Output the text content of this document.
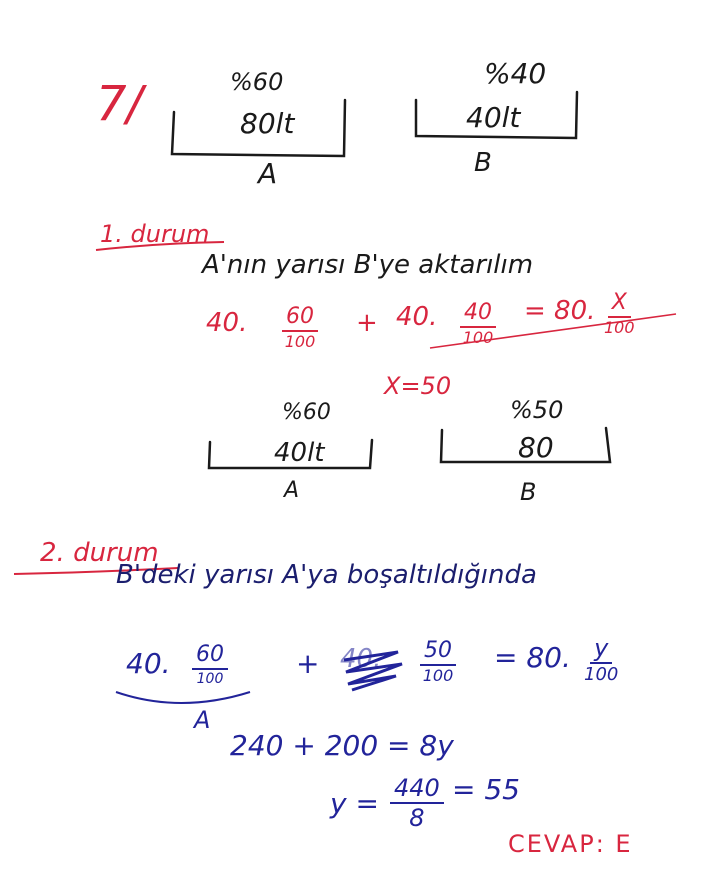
7/	%60
80lt
A
%40
40lt
B
1. durum
A'nın yarısı B'ye aktarılım
40. 60
100
+ 40. 40
100
= 80. X
100
X=50
%60
40lt
A
%50
80
B
2. durum
B'deki yarısı A'ya boşaltıldığında
40. 60
100
A
+ 40. 50
100
= 80. y
100
240 + 200 = 8y
$y = \frac{440}{8} = 55$
CEVAP: E
